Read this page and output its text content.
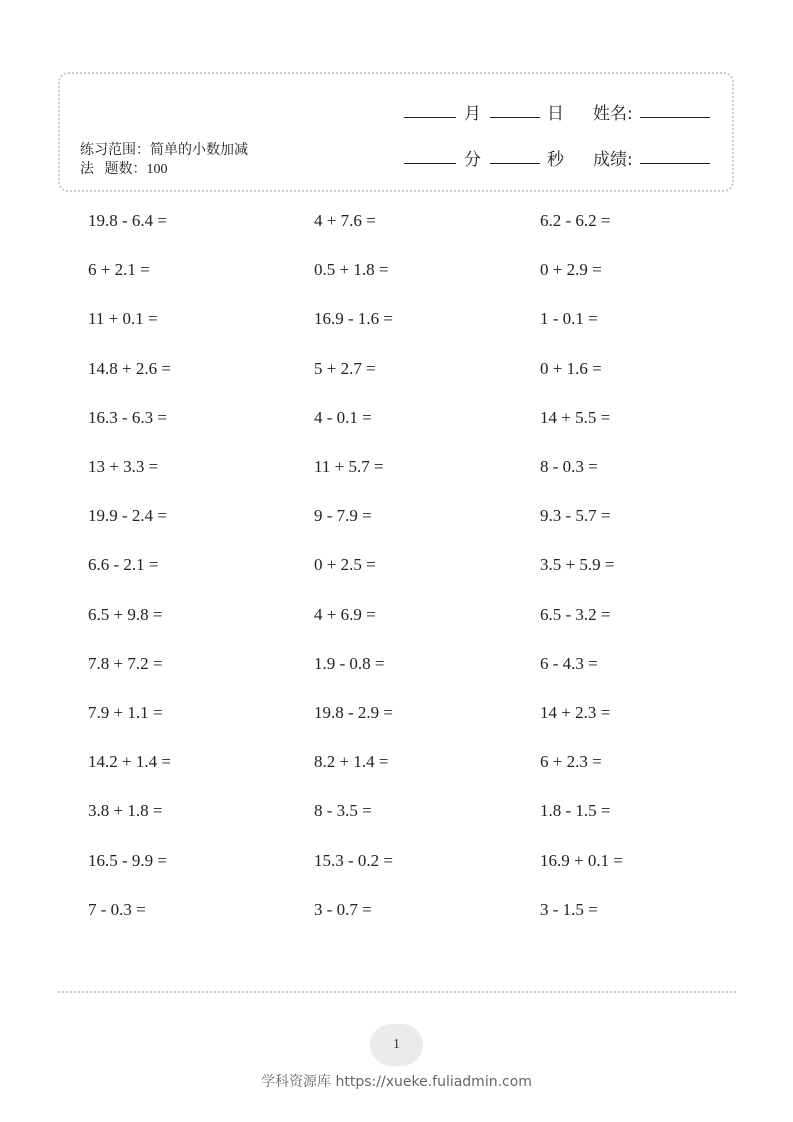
练习范围：简单的小数加减
法 题数：100
月	日 姓名:
分	秒 成绩:
19.8 - 6.4 =	4 + 7.6 =	6.2 - 6.2 =
6 + 2.1 =	0.5 + 1.8 =	0 + 2.9 =
11 + 0.1 =	16.9 - 1.6 =	1 - 0.1 =
14.8 + 2.6 =	5 + 2.7 =	0 + 1.6 =
16.3 - 6.3 =	4 - 0.1 =	14 + 5.5 =
13 + 3.3 =	11 + 5.7 =	8 - 0.3 =
19.9 - 2.4 =	9 - 7.9 =	9.3 - 5.7 =
6.6 - 2.1 =	0 + 2.5 =	3.5 + 5.9 =
6.5 + 9.8 =	4 + 6.9 =	6.5 - 3.2 =
7.8 + 7.2 =	1.9 - 0.8 =	6 - 4.3 =
7.9 + 1.1 =	19.8 - 2.9 =	14 + 2.3 =
14.2 + 1.4 =	8.2 + 1.4 =	6 + 2.3 =
3.8 + 1.8 =	8 - 3.5 =	1.8 - 1.5 =
16.5 - 9.9 =	15.3 - 0.2 =	16.9 + 0.1 =
7 - 0.3 =	3 - 0.7 =	3 - 1.5 =
1
学科资源库 https://xueke.fuliadmin.com
